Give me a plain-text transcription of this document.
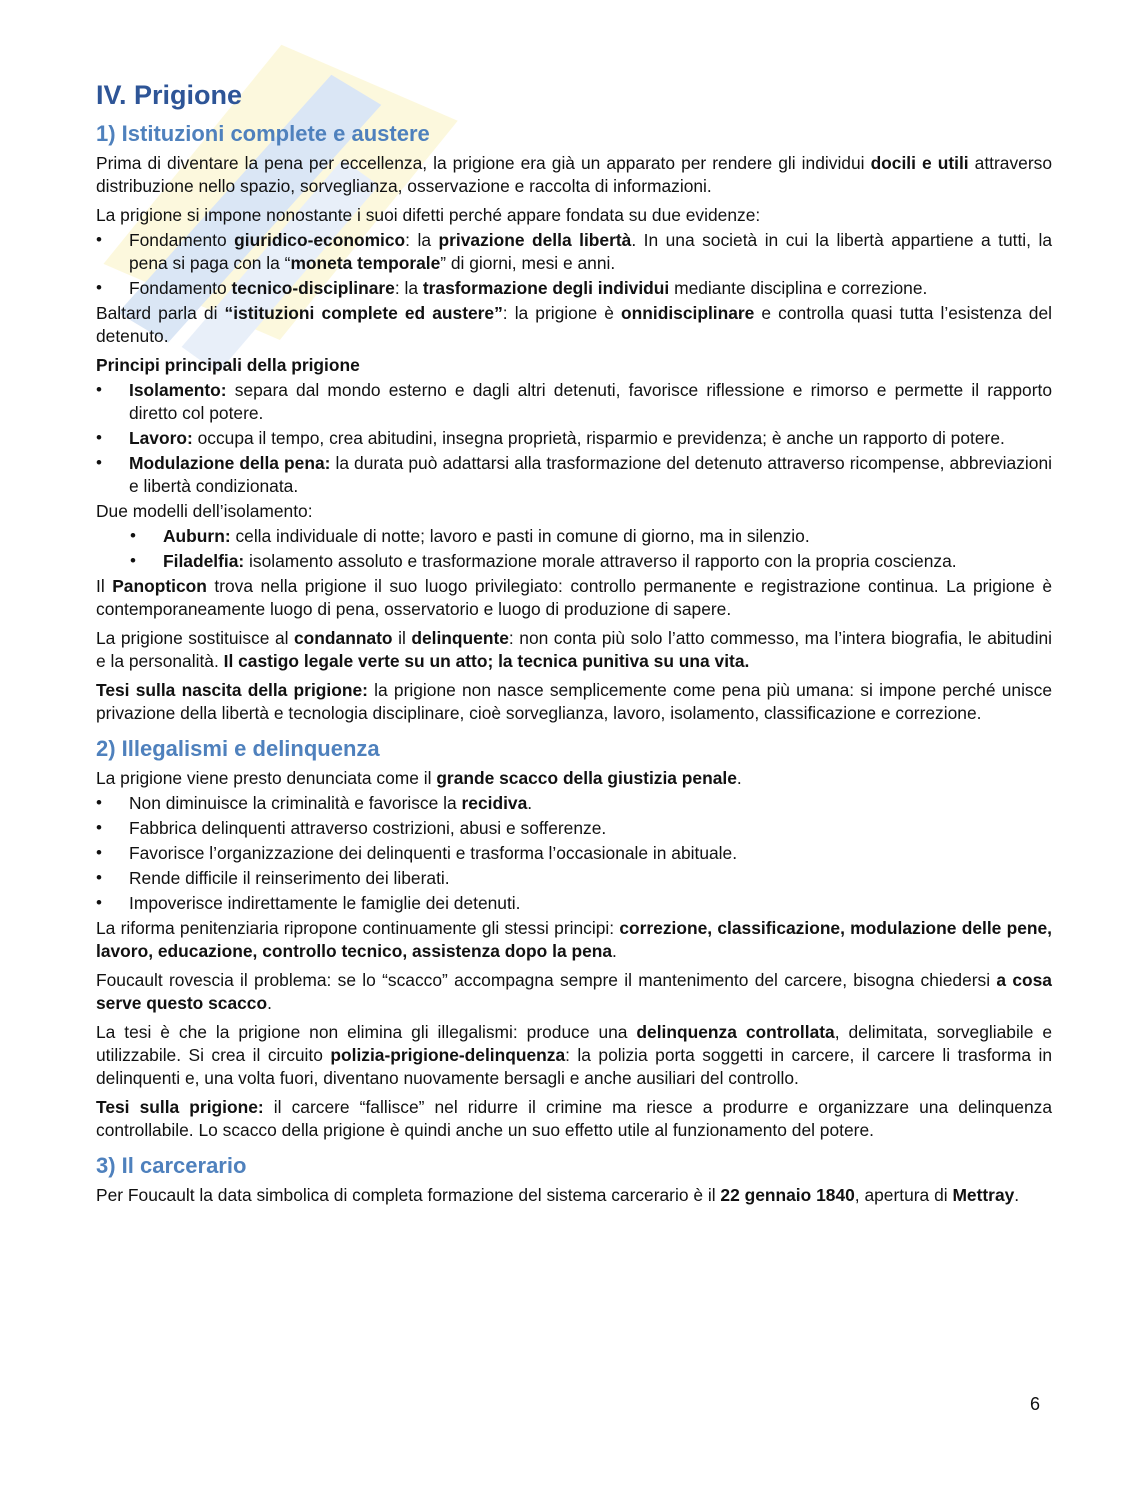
IV. Prigione
1) Istituzioni complete e austere

Prima di diventare la pena per eccellenza, la prigione era già un apparato per rendere gli individui docili e utili attraverso distribuzione nello spazio, sorveglianza, osservazione e raccolta di informazioni.

La prigione si impone nonostante i suoi difetti perché appare fondata su due evidenze:

• Fondamento giuridico-economico: la privazione della libertà. In una società in cui la libertà appartiene a tutti, la pena si paga con la “moneta temporale” di giorni, mesi e anni.
• Fondamento tecnico-disciplinare: la trasformazione degli individui mediante disciplina e correzione.

Baltard parla di “istituzioni complete ed austere”: la prigione è onnidisciplinare e controlla quasi tutta l’esistenza del detenuto.

Principi principali della prigione
• Isolamento: separa dal mondo esterno e dagli altri detenuti, favorisce riflessione e rimorso e permette il rapporto diretto col potere.
• Lavoro: occupa il tempo, crea abitudini, insegna proprietà, risparmio e previdenza; è anche un rapporto di potere.
• Modulazione della pena: la durata può adattarsi alla trasformazione del detenuto attraverso ricompense, abbreviazioni e libertà condizionata.

Due modelli dell’isolamento:

• Auburn: cella individuale di notte; lavoro e pasti in comune di giorno, ma in silenzio.
• Filadelfia: isolamento assoluto e trasformazione morale attraverso il rapporto con la propria coscienza.

Il Panopticon trova nella prigione il suo luogo privilegiato: controllo permanente e registrazione continua. La prigione è contemporaneamente luogo di pena, osservatorio e luogo di produzione di sapere.

La prigione sostituisce al condannato il delinquente: non conta più solo l’atto commesso, ma l’intera biografia, le abitudini e la personalità. Il castigo legale verte su un atto; la tecnica punitiva su una vita.

Tesi sulla nascita della prigione: la prigione non nasce semplicemente come pena più umana: si impone perché unisce privazione della libertà e tecnologia disciplinare, cioè sorveglianza, lavoro, isolamento, classificazione e correzione.

2) Illegalismi e delinquenza

La prigione viene presto denunciata come il grande scacco della giustizia penale.

• Non diminuisce la criminalità e favorisce la recidiva.
• Fabbrica delinquenti attraverso costrizioni, abusi e sofferenze.
• Favorisce l’organizzazione dei delinquenti e trasforma l’occasionale in abituale.
• Rende difficile il reinserimento dei liberati.
• Impoverisce indirettamente le famiglie dei detenuti.

La riforma penitenziaria ripropone continuamente gli stessi principi: correzione, classificazione, modulazione delle pene, lavoro, educazione, controllo tecnico, assistenza dopo la pena.

Foucault rovescia il problema: se lo “scacco” accompagna sempre il mantenimento del carcere, bisogna chiedersi a cosa serve questo scacco.

La tesi è che la prigione non elimina gli illegalismi: produce una delinquenza controllata, delimitata, sorvegliabile e utilizzabile. Si crea il circuito polizia-prigione-delinquenza: la polizia porta soggetti in carcere, il carcere li trasforma in delinquenti e, una volta fuori, diventano nuovamente bersagli e anche ausiliari del controllo.

Tesi sulla prigione: il carcere “fallisce” nel ridurre il crimine ma riesce a produrre e organizzare una delinquenza controllabile. Lo scacco della prigione è quindi anche un suo effetto utile al funzionamento del potere.

3) Il carcerario

Per Foucault la data simbolica di completa formazione del sistema carcerario è il 22 gennaio 1840, apertura di Mettray.

6
